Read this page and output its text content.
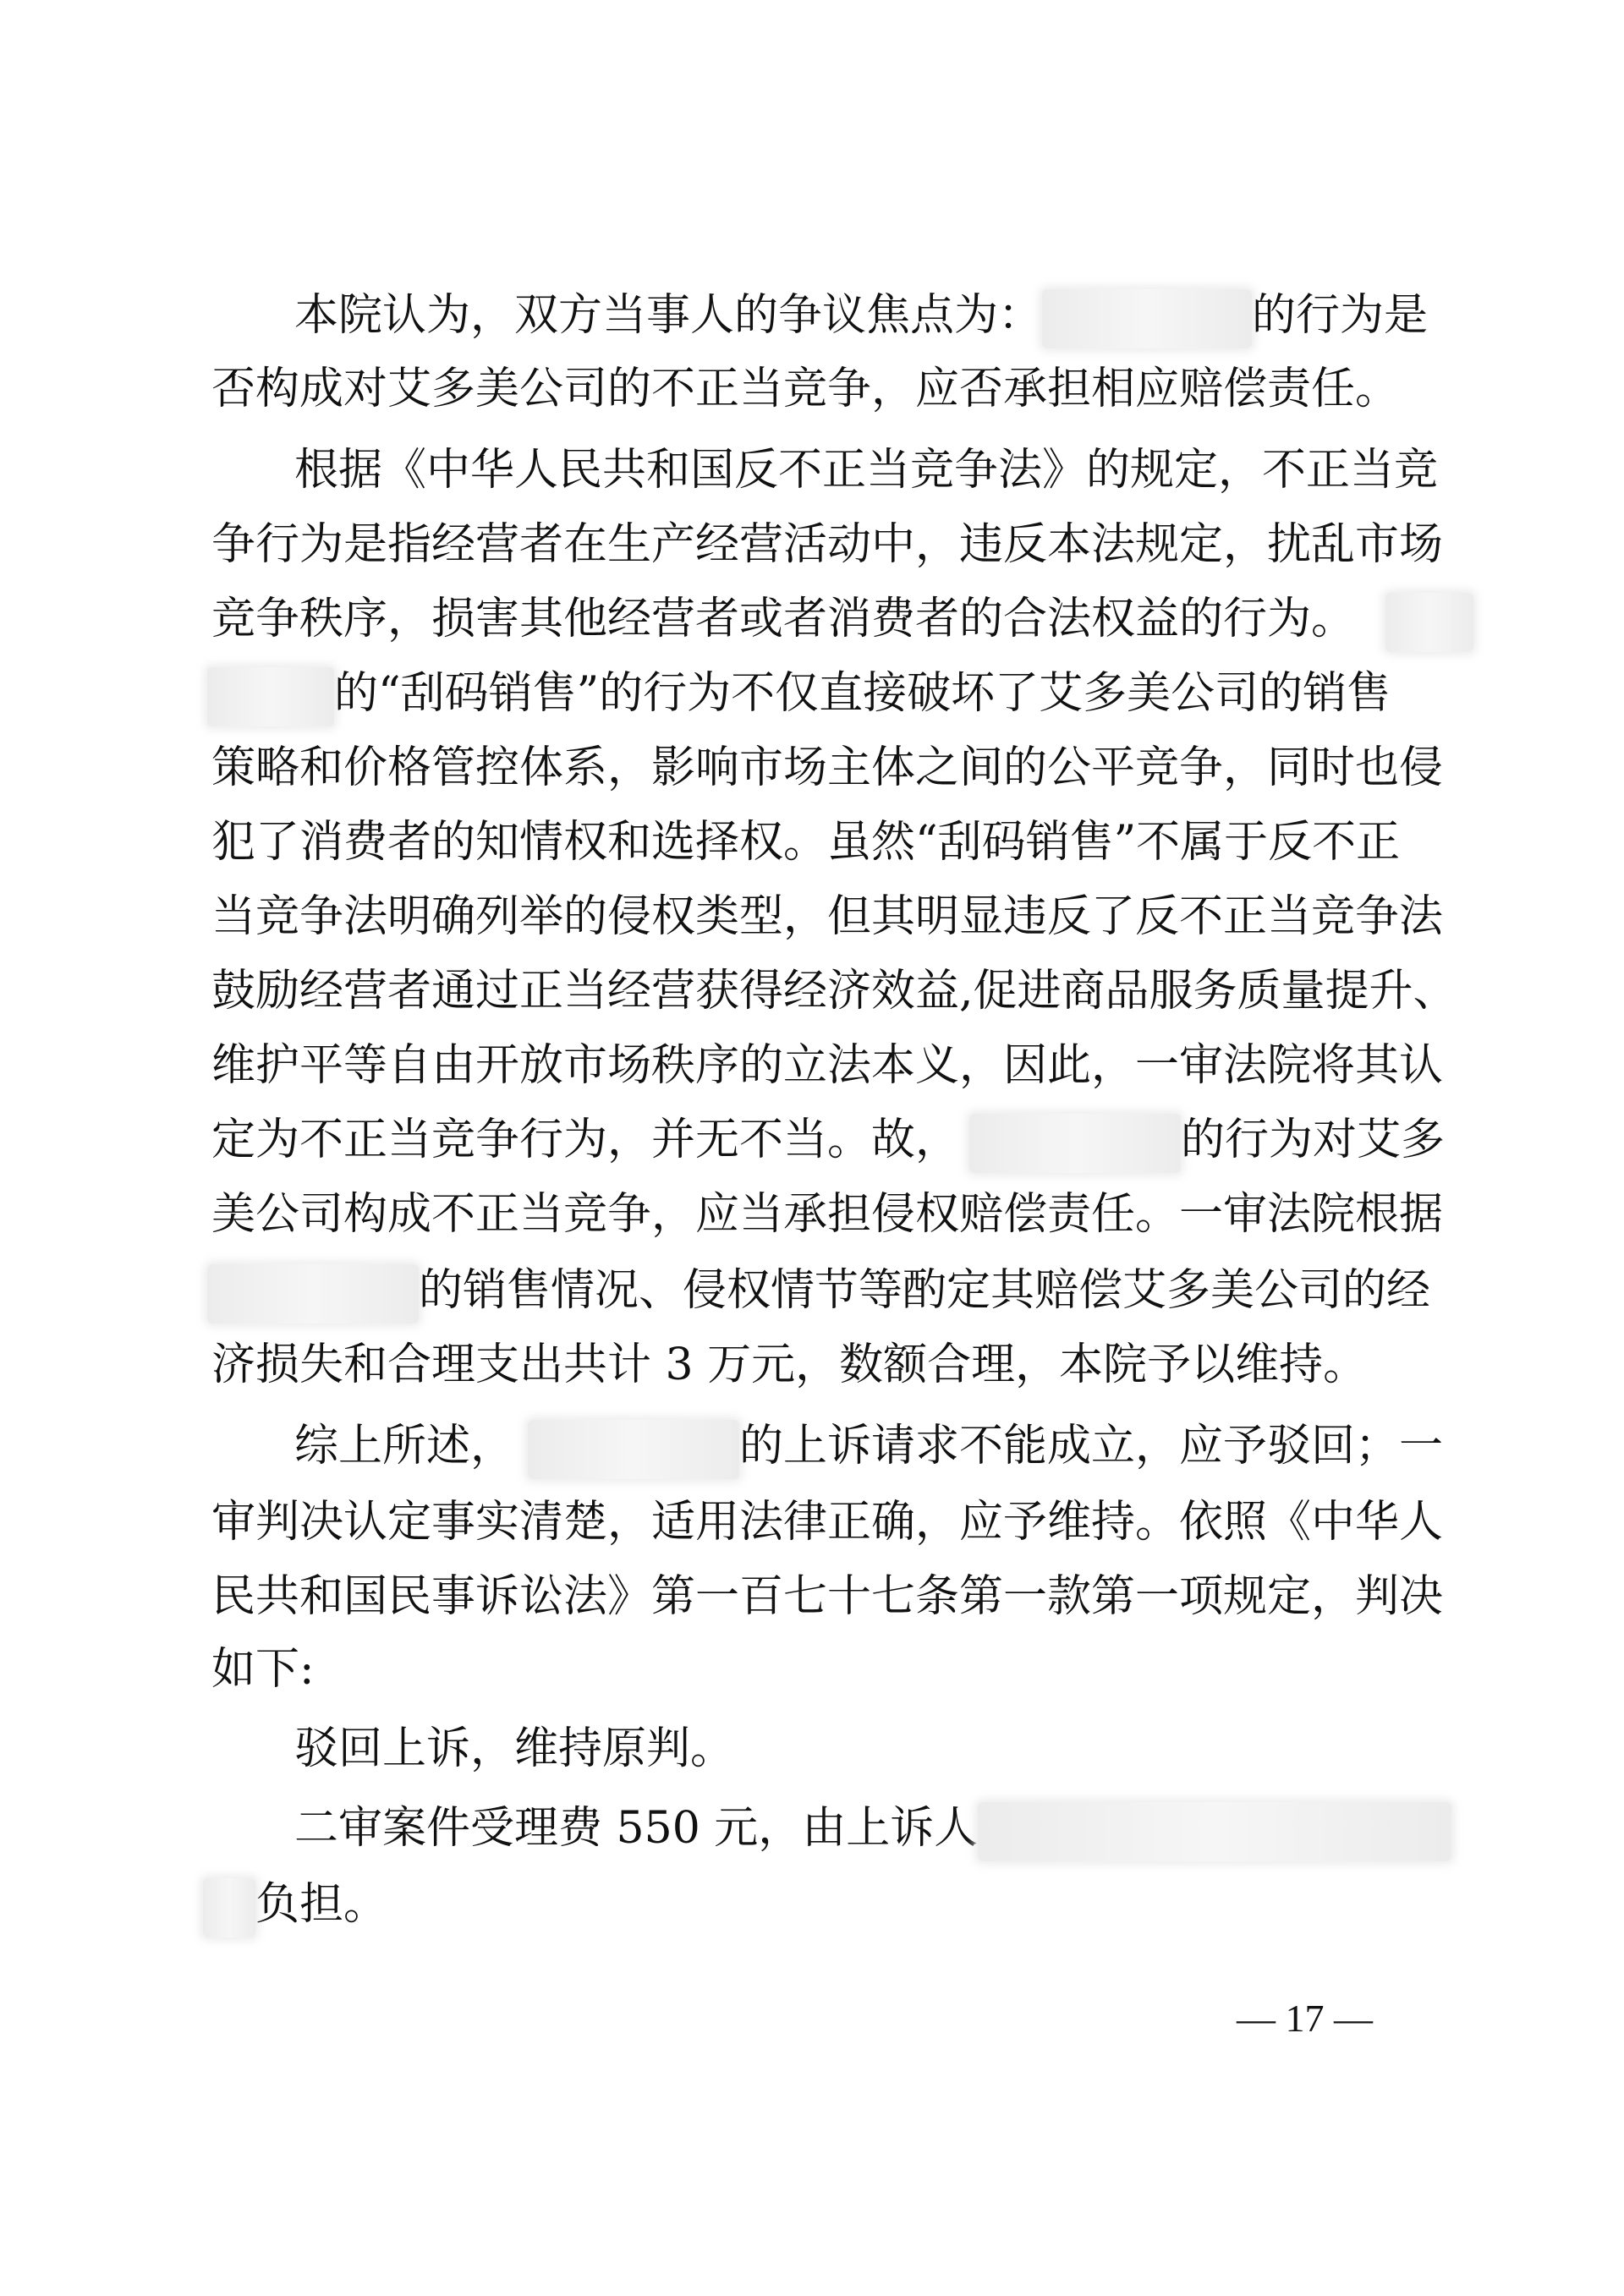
本院认为，双方当事人的争议焦点为：	的行为是
否构成对艾多美公司的不正当竞争，应否承担相应赔偿责任。
根据《中华人民共和国反不正当竞争法》的规定，不正当竞
争行为是指经营者在生产经营活动中，违反本法规定，扰乱市场
竞争秩序，损害其他经营者或者消费者的合法权益的行为。
的“刮码销售”的行为不仅直接破坏了艾多美公司的销售
策略和价格管控体系，影响市场主体之间的公平竞争，同时也侵
犯了消费者的知情权和选择权。虽然“刮码销售”不属于反不正
当竞争法明确列举的侵权类型，但其明显违反了反不正当竞争法
鼓励经营者通过正当经营获得经济效益,促进商品服务质量提升、
维护平等自由开放市场秩序的立法本义，因此，一审法院将其认
定为不正当竞争行为，并无不当。故，	的行为对艾多
美公司构成不正当竞争，应当承担侵权赔偿责任。一审法院根据
的销售情况、侵权情节等酌定其赔偿艾多美公司的经
济损失和合理支出共计 3 万元，数额合理，本院予以维持。
综上所述，	的上诉请求不能成立，应予驳回；一
审判决认定事实清楚，适用法律正确，应予维持。依照《中华人
民共和国民事诉讼法》第一百七十七条第一款第一项规定，判决
如下:
驳回上诉，维持原判。
二审案件受理费 550 元，由上诉人
负担。
— 17 —
